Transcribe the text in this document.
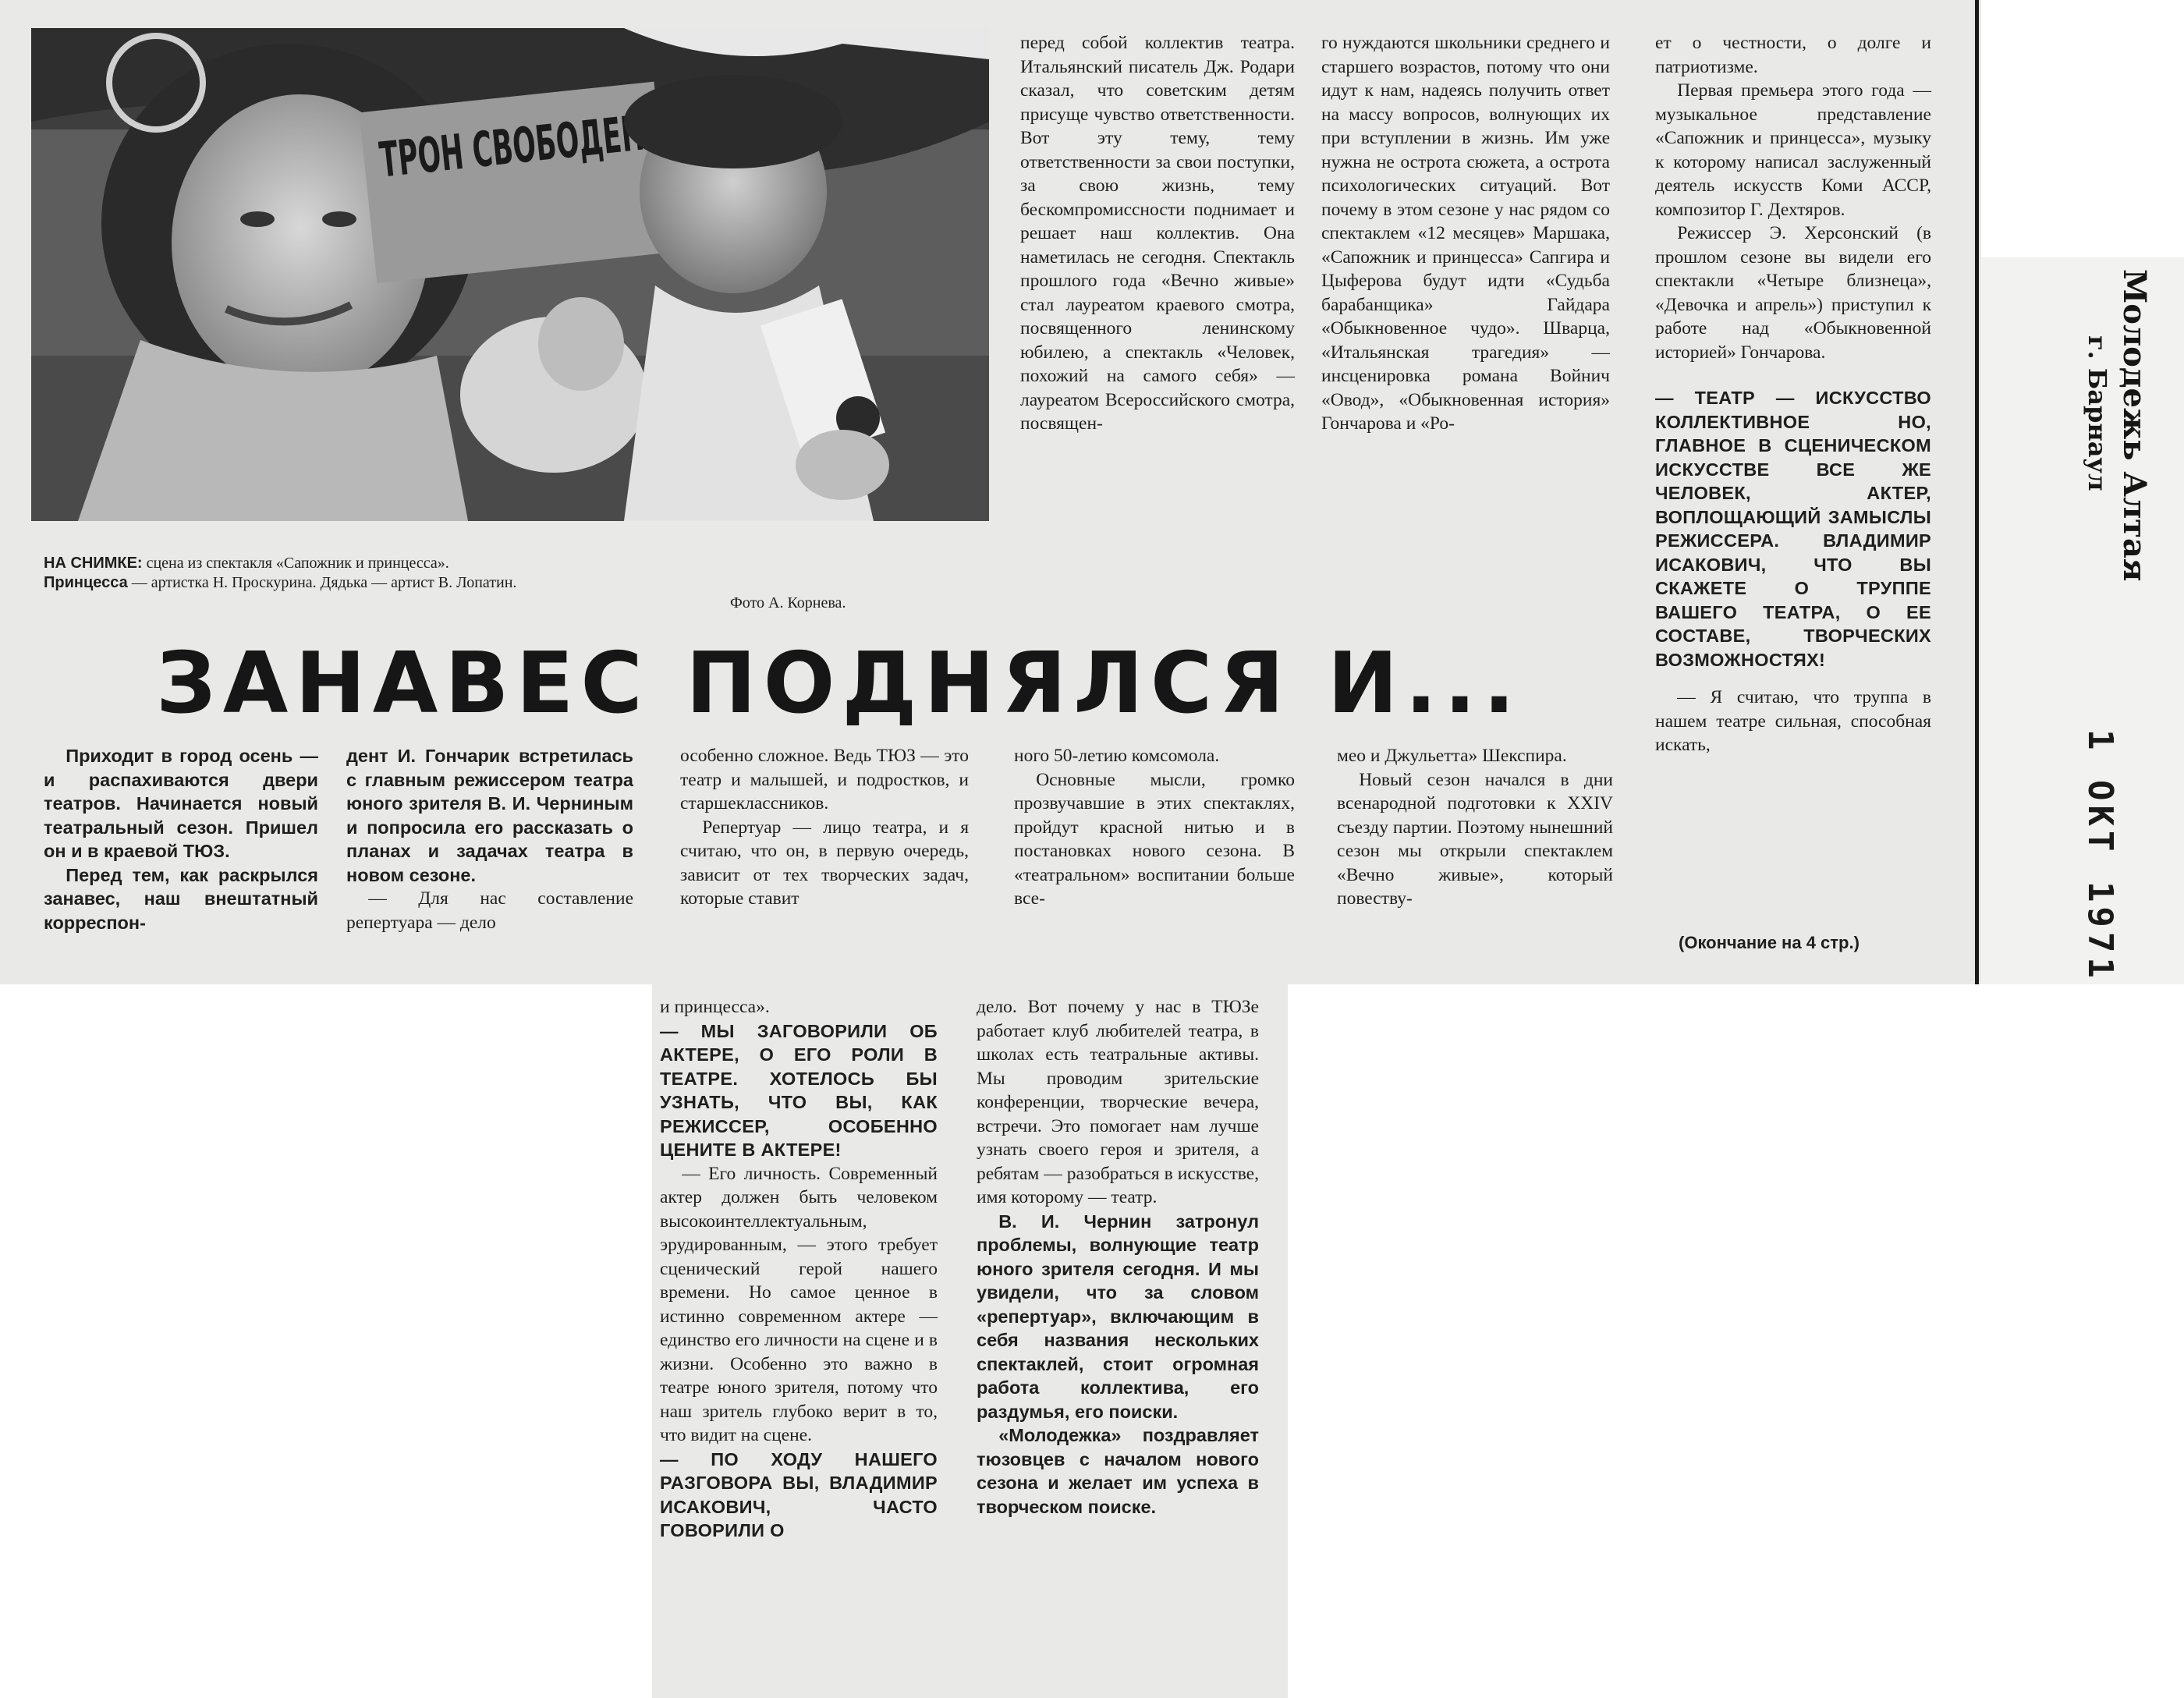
ТРОН СВОБОДЕН
НА СНИМКЕ: сцена из спектакля «Сапожник и принцесса».
Принцесса — артистка Н. Проскурина. Дядька — артист В. Лопатин.
Фото А. Корнева.
ЗАНАВЕС ПОДНЯЛСЯ И...

перед собой коллектив театра. Итальянский писатель Дж. Родари сказал, что советским детям присуще чувство ответственности. Вот эту тему, тему ответственности за свои поступки, за свою жизнь, тему бескомпромиссности поднимает и решает наш коллектив. Она наметилась не сегодня. Спектакль прошлого года «Вечно живые» стал лауреатом краевого смотра, посвященного ленинскому юбилею, а спектакль «Человек, похожий на самого себя» — лауреатом Всероссийского смотра, посвящен-

го нуждаются школьники среднего и старшего возрастов, потому что они идут к нам, надеясь получить ответ на массу вопросов, волнующих их при вступлении в жизнь. Им уже нужна не острота сюжета, а острота психологических ситуаций. Вот почему в этом сезоне у нас рядом со спектаклем «12 месяцев» Маршака, «Сапожник и принцесса» Сапгира и Цыферова будут идти «Судьба барабанщика» Гайдара «Обыкновенное чудо». Шварца, «Итальянская трагедия» — инсценировка романа Войнич «Овод», «Обыкновенная история» Гончарова и «Ро-

ет о честности, о долге и патриотизме.

Первая премьера этого года — музыкальное представление «Сапожник и принцесса», музыку к которому написал заслуженный деятель искусств Коми АССР, композитор Г. Дехтяров.

Режиссер Э. Херсонский (в прошлом сезоне вы видели его спектакли «Четыре близнеца», «Девочка и апрель») приступил к работе над «Обыкновенной историей» Гончарова.

— ТЕАТР — ИСКУССТВО КОЛЛЕКТИВНОЕ НО, ГЛАВНОЕ В СЦЕНИЧЕСКОМ ИСКУССТВЕ ВСЕ ЖЕ ЧЕЛОВЕК, АКТЕР, ВОПЛОЩАЮЩИЙ ЗАМЫСЛЫ РЕЖИССЕРА. ВЛАДИМИР ИСАКОВИЧ, ЧТО ВЫ СКАЖЕТЕ О ТРУППЕ ВАШЕГО ТЕАТРА, О ЕЕ СОСТАВЕ, ТВОРЧЕСКИХ ВОЗМОЖНОСТЯХ!

— Я считаю, что труппа в нашем театре сильная, способная искать,

(Окончание на 4 стр.)

Приходит в город осень — и распахиваются двери театров. Начинается новый театральный сезон. Пришел он и в краевой ТЮЗ.

Перед тем, как раскрылся занавес, наш внештатный корреспон-

дент И. Гончарик встретилась с главным режиссером театра юного зрителя В. И. Черниным и попросила его рассказать о планах и задачах театра в новом сезоне.

— Для нас составление репертуара — дело

особенно сложное. Ведь ТЮЗ — это театр и малышей, и подростков, и старшеклассников.

Репертуар — лицо театра, и я считаю, что он, в первую очередь, зависит от тех творческих задач, которые ставит

ного 50-летию комсомола.

Основные мысли, громко прозвучавшие в этих спектаклях, пройдут красной нитью и в постановках нового сезона. В «театральном» воспитании больше все-

мео и Джульетта» Шекспира.

Новый сезон начался в дни всенародной подготовки к XXIV съезду партии. Поэтому нынешний сезон мы открыли спектаклем «Вечно живые», который повеству-

и принцесса».

— МЫ ЗАГОВОРИЛИ ОБ АКТЕРЕ, О ЕГО РОЛИ В ТЕАТРЕ. ХОТЕЛОСЬ БЫ УЗНАТЬ, ЧТО ВЫ, КАК РЕЖИССЕР, ОСОБЕННО ЦЕНИТЕ В АКТЕРЕ!

— Его личность. Современный актер должен быть человеком высокоинтеллектуальным, эрудированным, — этого требует сценический герой нашего времени. Но самое ценное в истинно современном актере — единство его личности на сцене и в жизни. Особенно это важно в театре юного зрителя, потому что наш зритель глубоко верит в то, что видит на сцене.

— ПО ХОДУ НАШЕГО РАЗГОВОРА ВЫ, ВЛАДИМИР ИСАКОВИЧ, ЧАСТО ГОВОРИЛИ О

дело. Вот почему у нас в ТЮЗе работает клуб любителей театра, в школах есть театральные активы. Мы проводим зрительские конференции, творческие вечера, встречи. Это помогает нам лучше узнать своего героя и зрителя, а ребятам — разобраться в искусстве, имя которому — театр.

В. И. Чернин затронул проблемы, волнующие театр юного зрителя сегодня. И мы увидели, что за словом «репертуар», включающим в себя названия нескольких спектаклей, стоит огромная работа коллектива, его раздумья, его поиски.

«Молодежка» поздравляет тюзовцев с началом нового сезона и желает им успеха в творческом поиске.

Молодежь Алтая
г. Барнаул
1 ОКТ 1971
